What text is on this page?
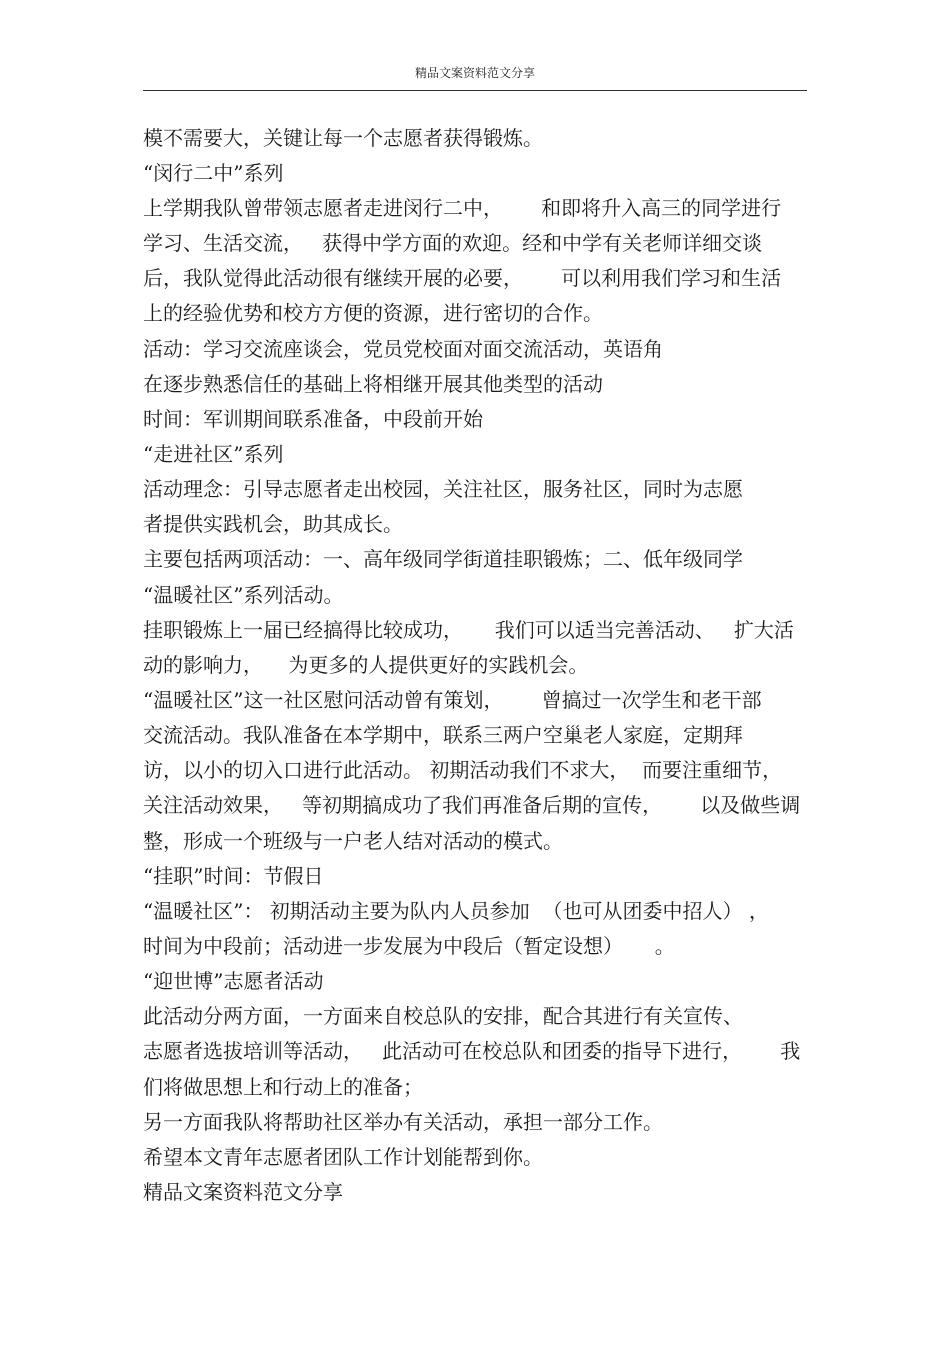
精品文案资料范文分享
模不需要大，关键让每一个志愿者获得锻炼。
“闵行二中”系列
上学期我队曾带领志愿者走进闵行二中，      和即将升入高三的同学进行
学习、生活交流，   获得中学方面的欢迎。经和中学有关老师详细交谈
后，我队觉得此活动很有继续开展的必要，      可以利用我们学习和生活
上的经验优势和校方方便的资源，进行密切的合作。
活动：学习交流座谈会，党员党校面对面交流活动，英语角
在逐步熟悉信任的基础上将相继开展其他类型的活动
时间：军训期间联系准备，中段前开始
“走进社区”系列
活动理念：引导志愿者走出校园，关注社区，服务社区，同时为志愿
者提供实践机会，助其成长。
主要包括两项活动：一、高年级同学街道挂职锻炼；二、低年级同学
“温暖社区”系列活动。
挂职锻炼上一届已经搞得比较成功，     我们可以适当完善活动、   扩大活
动的影响力，    为更多的人提供更好的实践机会。
“温暖社区”这一社区慰问活动曾有策划，      曾搞过一次学生和老干部
交流活动。我队准备在本学期中，联系三两户空巢老人家庭，定期拜
访，以小的切入口进行此活动。 初期活动我们不求大，  而要注重细节，
关注活动效果，   等初期搞成功了我们再准备后期的宣传，      以及做些调
整，形成一个班级与一户老人结对活动的模式。
“挂职”时间：节假日
“温暖社区”： 初期活动主要为队内人员参加  （也可从团委中招人） ，
时间为中段前；活动进一步发展为中段后（暂定设想）     。
“迎世博”志愿者活动
此活动分两方面，一方面来自校总队的安排，配合其进行有关宣传、
志愿者选拔培训等活动，   此活动可在校总队和团委的指导下进行，      我
们将做思想上和行动上的准备；
另一方面我队将帮助社区举办有关活动，承担一部分工作。
希望本文青年志愿者团队工作计划能帮到你。
精品文案资料范文分享
